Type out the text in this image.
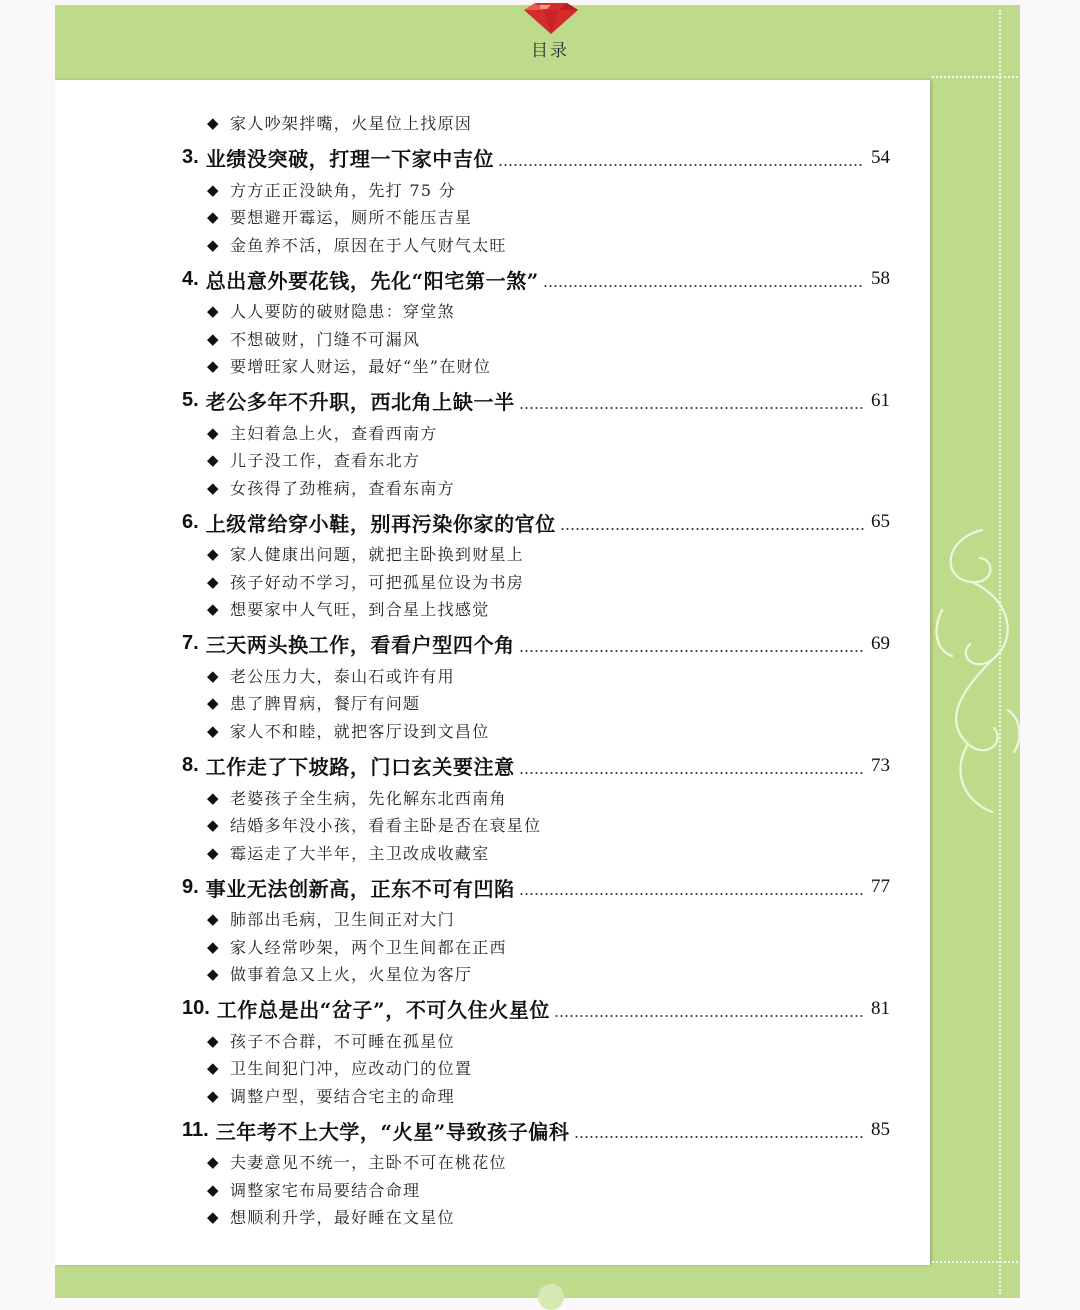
目录
◆
家人吵架拌嘴，火星位上找原因
3. 业绩没突破，打理一下家中吉位	54
◆
方方正正没缺角，先打 75 分
◆
要想避开霉运，厕所不能压吉星
◆
金鱼养不活，原因在于人气财气太旺
4. 总出意外要花钱，先化“阳宅第一煞”	58
◆
人人要防的破财隐患：穿堂煞
◆
不想破财，门缝不可漏风
◆
要增旺家人财运，最好“坐”在财位
5. 老公多年不升职，西北角上缺一半	61
◆
主妇着急上火，查看西南方
◆
儿子没工作，查看东北方
◆
女孩得了劲椎病，查看东南方
6. 上级常给穿小鞋，别再污染你家的官位	65
◆
家人健康出问题，就把主卧换到财星上
◆
孩子好动不学习，可把孤星位设为书房
◆
想要家中人气旺，到合星上找感觉
7. 三天两头换工作，看看户型四个角	69
◆
老公压力大，泰山石或许有用
◆
患了脾胃病，餐厅有问题
◆
家人不和睦，就把客厅设到文昌位
8. 工作走了下坡路，门口玄关要注意	73
◆
老婆孩子全生病，先化解东北西南角
◆
结婚多年没小孩，看看主卧是否在衰星位
◆
霉运走了大半年，主卫改成收藏室
9. 事业无法创新高，正东不可有凹陷	77
◆
肺部出毛病，卫生间正对大门
◆
家人经常吵架，两个卫生间都在正西
◆
做事着急又上火，火星位为客厅
10. 工作总是出“岔子”，不可久住火星位	81
◆
孩子不合群，不可睡在孤星位
◆
卫生间犯门冲，应改动门的位置
◆
调整户型，要结合宅主的命理
11. 三年考不上大学，“火星”导致孩子偏科	85
◆
夫妻意见不统一，主卧不可在桃花位
◆
调整家宅布局要结合命理
◆
想顺利升学，最好睡在文星位
